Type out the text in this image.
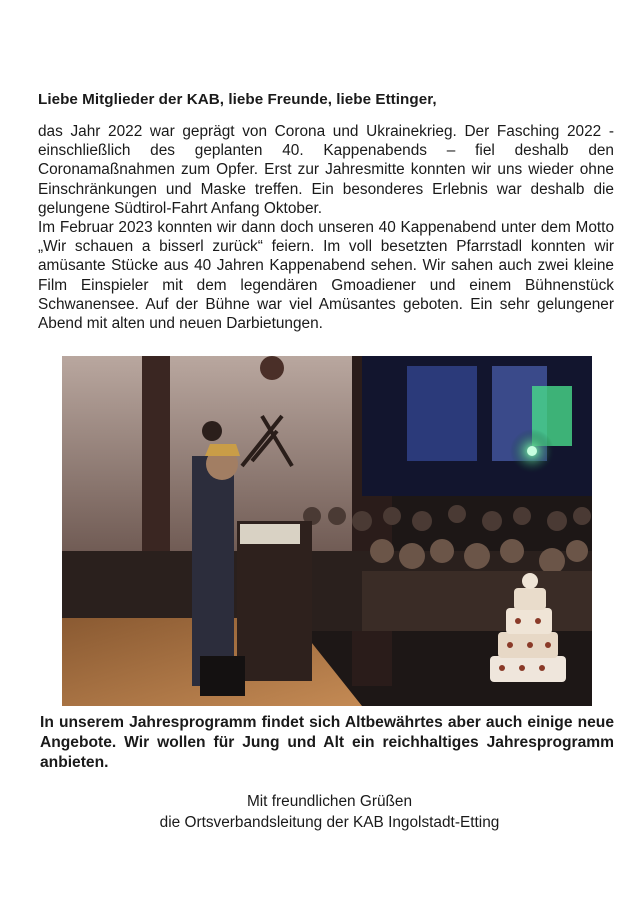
Liebe Mitglieder der KAB, liebe Freunde, liebe Ettinger,

das Jahr 2022 war geprägt von Corona und Ukrainekrieg. Der Fasching 2022 - einschließlich des geplanten 40. Kappenabends – fiel deshalb den Coronamaßnahmen zum Opfer. Erst zur Jahresmitte konnten wir uns wieder ohne Einschränkungen und Maske treffen. Ein besonderes Erlebnis war deshalb die gelungene Südtirol-Fahrt Anfang Oktober.

Im Februar 2023 konnten wir dann doch unseren 40 Kappenabend unter dem Motto „Wir schauen a bisserl zurück“ feiern. Im voll besetzten Pfarrstadl konnten wir amüsante Stücke aus 40 Jahren Kappenabend sehen. Wir sahen auch zwei kleine Film Einspieler mit dem legendären Gmoadiener und einem Bühnenstück Schwanensee. Auf der Bühne war viel Amüsantes geboten. Ein sehr gelungener Abend mit alten und neuen Darbietungen.

In unserem Jahresprogramm findet sich Altbewährtes aber auch einige neue Angebote. Wir wollen für Jung und Alt ein reichhaltiges Jahresprogramm anbieten.
Mit freundlichen Grüßen
die Ortsverbandsleitung der KAB Ingolstadt-Etting
